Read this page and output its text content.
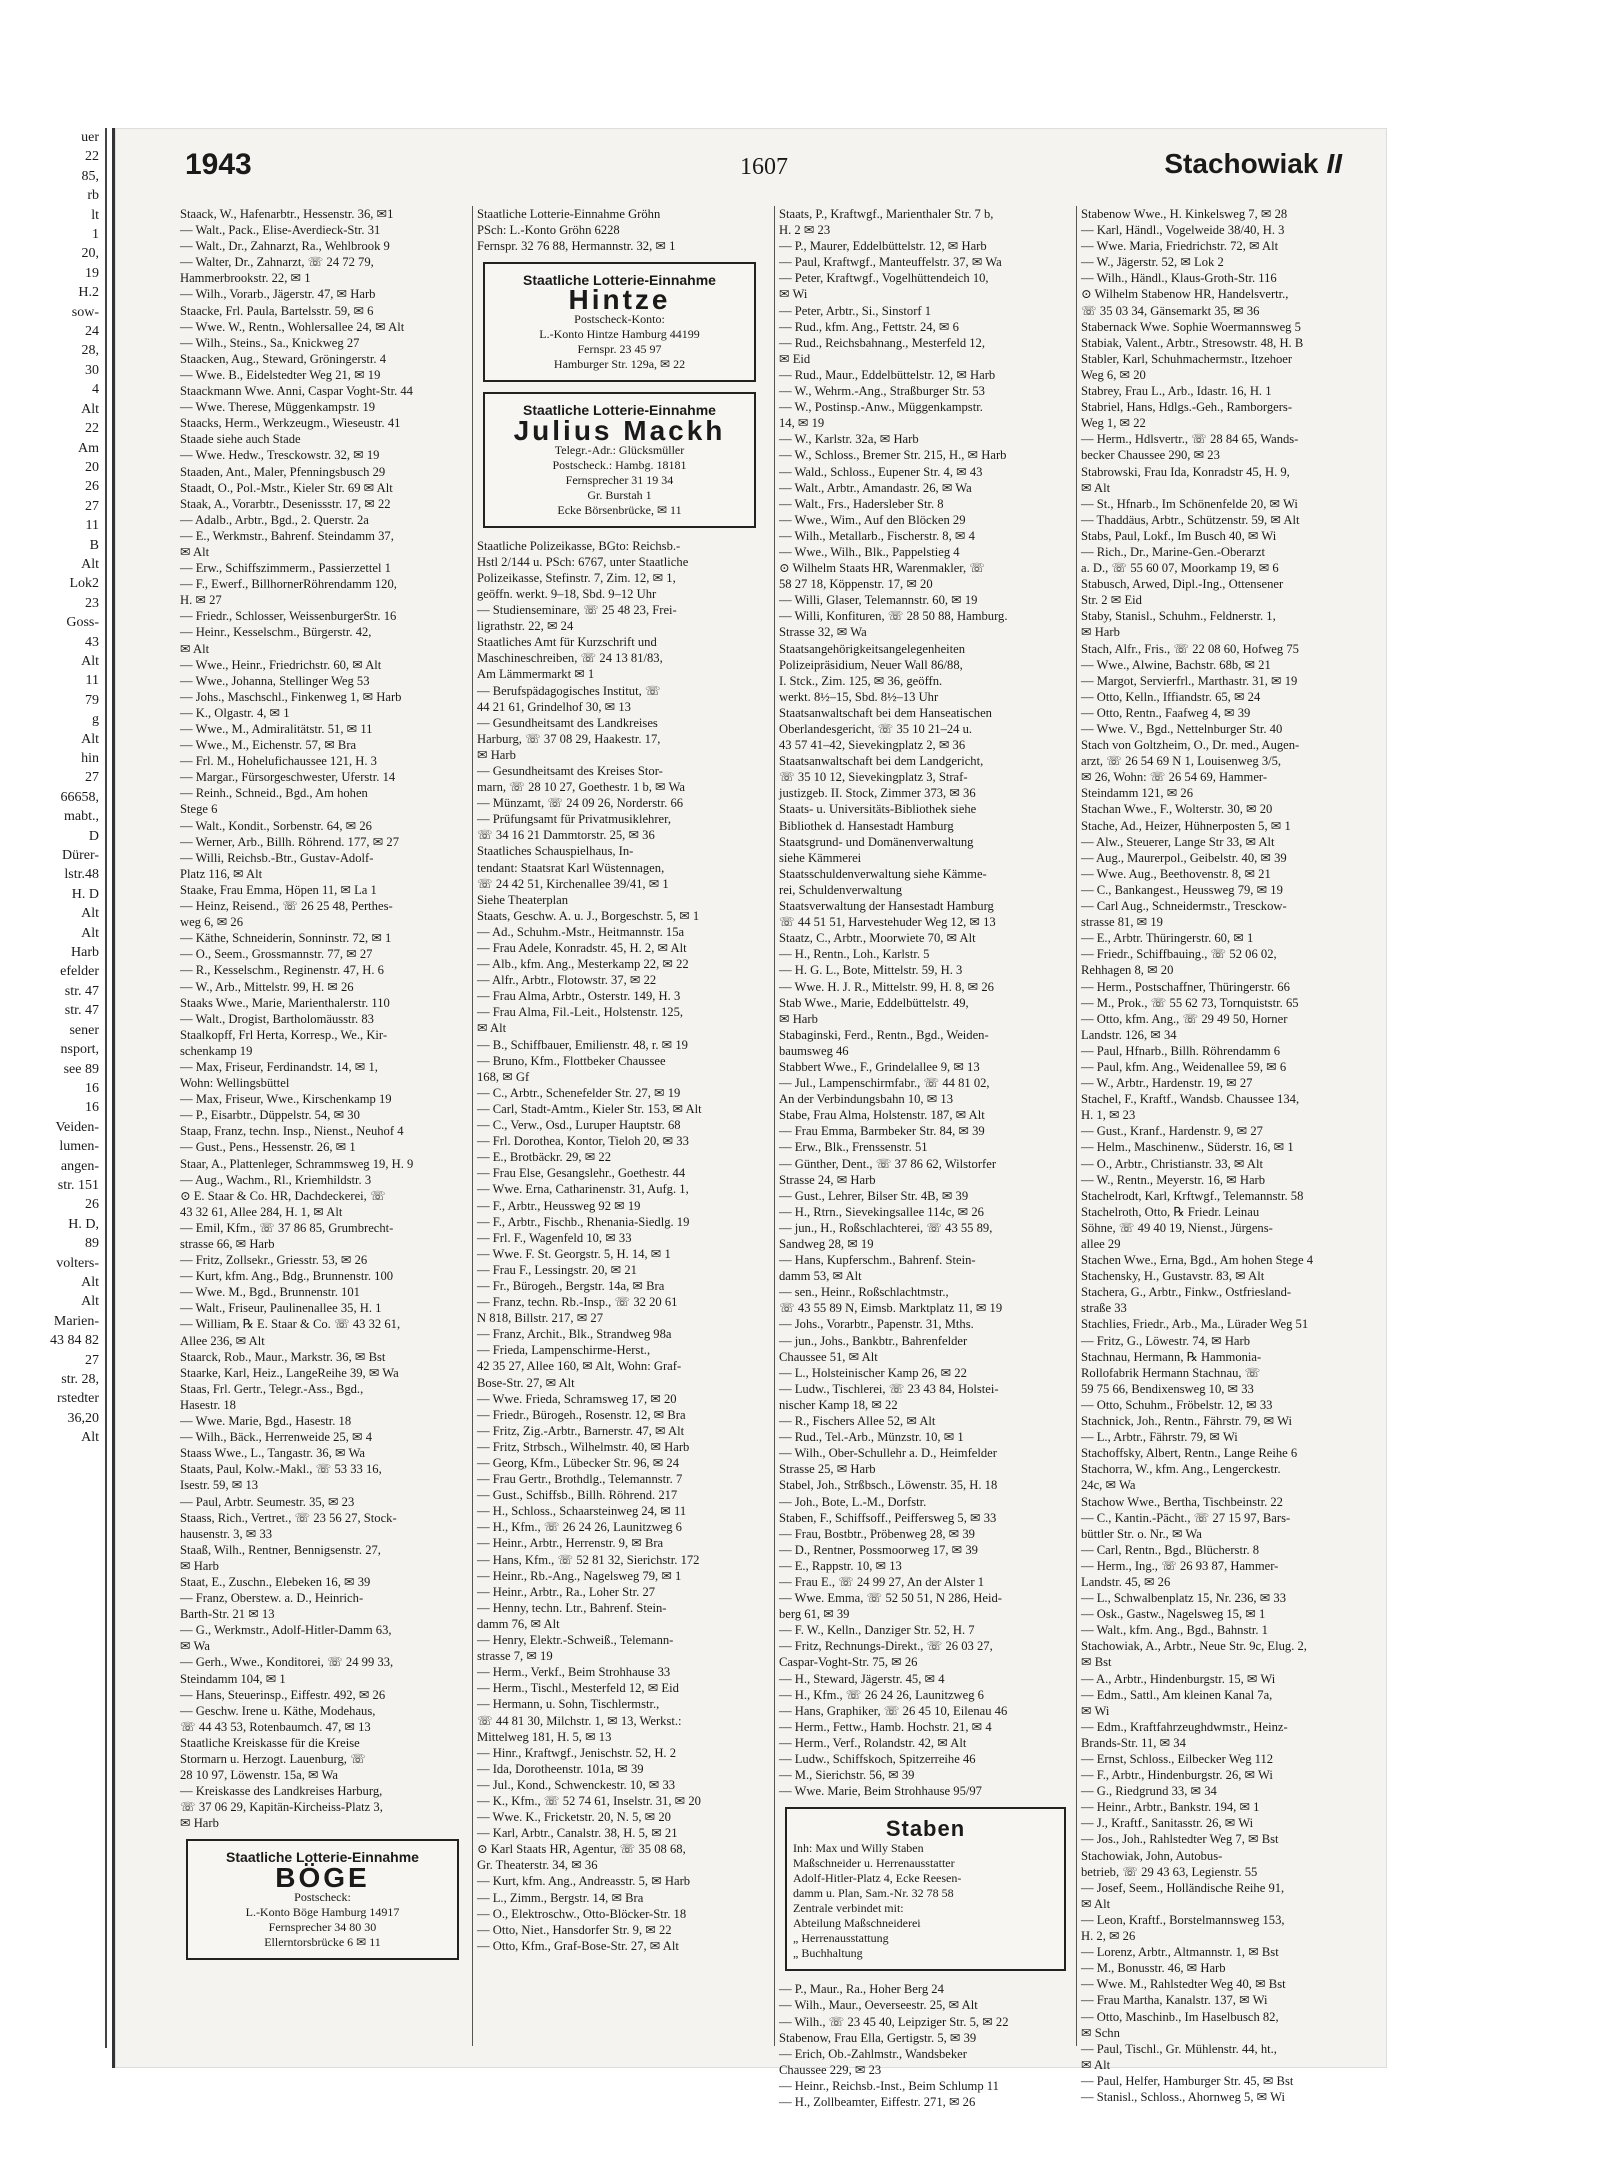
uer
22
85,
rb
lt
1
20,
19
H.2
sow-
24
28,
30
4
Alt
22
Am
20
26
27
11
B
Alt
Lok2
23
Goss-
43
Alt
11
79
g
Alt
hin
27
66658,
mabt.,
D
Dürer-
lstr.48
H. D
Alt
Alt
Harb
efelder
str. 47
str. 47
sener
nsport,
see 89
16
16
Veiden-
lumen-
angen-
str. 151
26
H. D,
89
volters-
Alt
Alt
Marien-
43 84 82
27
str. 28,
rstedter
36,20
Alt
1943	1607	Stachowiak II
Staack, W., Hafenarbtr., Hessenstr. 36, ✉1
— Walt., Pack., Elise-Averdieck-Str. 31
— Walt., Dr., Zahnarzt, Ra., Wehlbrook 9
— Walter, Dr., Zahnarzt, ☏ 24 72 79,
Hammerbrookstr. 22, ✉ 1
— Wilh., Vorarb., Jägerstr. 47, ✉ Harb
Staacke, Frl. Paula, Bartelsstr. 59, ✉ 6
— Wwe. W., Rentn., Wohlersallee 24, ✉ Alt
— Wilh., Steins., Sa., Knickweg 27
Staacken, Aug., Steward, Gröningerstr. 4
— Wwe. B., Eidelstedter Weg 21, ✉ 19
Staackmann Wwe. Anni, Caspar Voght-Str. 44
— Wwe. Therese, Müggenkampstr. 19
Staacks, Herm., Werkzeugm., Wieseustr. 41
Staade siehe auch Stade
— Wwe. Hedw., Tresckowstr. 32, ✉ 19
Staaden, Ant., Maler, Pfenningsbusch 29
Staadt, O., Pol.-Mstr., Kieler Str. 69 ✉ Alt
Staak, A., Vorarbtr., Desenissstr. 17, ✉ 22
— Adalb., Arbtr., Bgd., 2. Querstr. 2a
— E., Werkmstr., Bahrenf. Steindamm 37,
✉ Alt
— Erw., Schiffszimmerm., Passierzettel 1
— F., Ewerf., BillhornerRöhrendamm 120,
H. ✉ 27
— Friedr., Schlosser, WeissenburgerStr. 16
— Heinr., Kesselschm., Bürgerstr. 42,
✉ Alt
— Wwe., Heinr., Friedrichstr. 60, ✉ Alt
— Wwe., Johanna, Stellinger Weg 53
— Johs., Maschschl., Finkenweg 1, ✉ Harb
— K., Olgastr. 4, ✉ 1
— Wwe., M., Admiralitätstr. 51, ✉ 11
— Wwe., M., Eichenstr. 57, ✉ Bra
— Frl. M., Hohelufichaussee 121, H. 3
— Margar., Fürsorgeschwester, Uferstr. 14
— Reinh., Schneid., Bgd., Am hohen
Stege 6
— Walt., Kondit., Sorbenstr. 64, ✉ 26
— Werner, Arb., Billh. Röhrend. 177, ✉ 27
— Willi, Reichsb.-Btr., Gustav-Adolf-
Platz 116, ✉ Alt
Staake, Frau Emma, Höpen 11, ✉ La 1
— Heinz, Reisend., ☏ 26 25 48, Perthes-
weg 6, ✉ 26
— Käthe, Schneiderin, Sonninstr. 72, ✉ 1
— O., Seem., Grossmannstr. 77, ✉ 27
— R., Kesselschm., Reginenstr. 47, H. 6
— W., Arb., Mittelstr. 99, H. ✉ 26
Staaks Wwe., Marie, Marienthalerstr. 110
— Walt., Drogist, Bartholomäusstr. 83
Staalkopff, Frl Herta, Korresp., We., Kir-
schenkamp 19
— Max, Friseur, Ferdinandstr. 14, ✉ 1,
Wohn: Wellingsbüttel
— Max, Friseur, Wwe., Kirschenkamp 19
— P., Eisarbtr., Düppelstr. 54, ✉ 30
Staap, Franz, techn. Insp., Nienst., Neuhof 4
— Gust., Pens., Hessenstr. 26, ✉ 1
Staar, A., Plattenleger, Schrammsweg 19, H. 9
— Aug., Wachm., Rl., Kriemhildstr. 3
⊙ E. Staar & Co. HR, Dachdeckerei, ☏
43 32 61, Allee 284, H. 1, ✉ Alt
— Emil, Kfm., ☏ 37 86 85, Grumbrecht-
strasse 66, ✉ Harb
— Fritz, Zollsekr., Griesstr. 53, ✉ 26
— Kurt, kfm. Ang., Bdg., Brunnenstr. 100
— Wwe. M., Bgd., Brunnenstr. 101
— Walt., Friseur, Paulinenallee 35, H. 1
— William, ℞ E. Staar & Co. ☏ 43 32 61,
Allee 236, ✉ Alt
Staarck, Rob., Maur., Markstr. 36, ✉ Bst
Staarke, Karl, Heiz., LangeReihe 39, ✉ Wa
Staas, Frl. Gertr., Telegr.-Ass., Bgd.,
Hasestr. 18
— Wwe. Marie, Bgd., Hasestr. 18
— Wilh., Bäck., Herrenweide 25, ✉ 4
Staass Wwe., L., Tangastr. 36, ✉ Wa
Staats, Paul, Kolw.-Makl., ☏ 53 33 16,
Isestr. 59, ✉ 13
— Paul, Arbtr. Seumestr. 35, ✉ 23
Staass, Rich., Vertret., ☏ 23 56 27, Stock-
hausenstr. 3, ✉ 33
Staaß, Wilh., Rentner, Bennigsenstr. 27,
✉ Harb
Staat, E., Zuschn., Elebeken 16, ✉ 39
— Franz, Oberstew. a. D., Heinrich-
Barth-Str. 21 ✉ 13
— G., Werkmstr., Adolf-Hitler-Damm 63,
✉ Wa
— Gerh., Wwe., Konditorei, ☏ 24 99 33,
Steindamm 104, ✉ 1
— Hans, Steuerinsp., Eiffestr. 492, ✉ 26
— Geschw. Irene u. Käthe, Modehaus,
☏ 44 43 53, Rotenbaumch. 47, ✉ 13
Staatliche Kreiskasse für die Kreise
Stormarn u. Herzogt. Lauenburg, ☏
28 10 97, Löwenstr. 15a, ✉ Wa
— Kreiskasse des Landkreises Harburg,
☏ 37 06 29, Kapitän-Kircheiss-Platz 3,
✉ Harb
Staatliche Lotterie-Einnahme
BÖGE
Postscheck:
L.-Konto Böge Hamburg 14917
Fernsprecher 34 80 30
Ellerntorsbrücke 6 ✉ 11
Staatliche Lotterie-Einnahme Gröhn
PSch: L.-Konto Gröhn 6228
Fernspr. 32 76 88, Hermannstr. 32, ✉ 1
Staatliche Lotterie-Einnahme
Hintze
Postscheck-Konto:
L.-Konto Hintze Hamburg 44199
Fernspr. 23 45 97
Hamburger Str. 129a, ✉ 22
Staatliche Lotterie-Einnahme
Julius Mackh
Telegr.-Adr.: Glücksmüller
Postscheck.: Hambg. 18181
Fernsprecher 31 19 34
Gr. Burstah 1
Ecke Börsenbrücke, ✉ 11
Staatliche Polizeikasse, BGto: Reichsb.-
Hstl 2/144 u. PSch: 6767, unter Staatliche
Polizeikasse, Stefinstr. 7, Zim. 12, ✉ 1,
geöffn. werkt. 9–18, Sbd. 9–12 Uhr
— Studienseminare, ☏ 25 48 23, Frei-
ligrathstr. 22, ✉ 24
Staatliches Amt für Kurzschrift und
Maschineschreiben, ☏ 24 13 81/83,
Am Lämmermarkt ✉ 1
— Berufspädagogisches Institut, ☏
44 21 61, Grindelhof 30, ✉ 13
— Gesundheitsamt des Landkreises
Harburg, ☏ 37 08 29, Haakestr. 17,
✉ Harb
— Gesundheitsamt des Kreises Stor-
marn, ☏ 28 10 27, Goethestr. 1 b, ✉ Wa
— Münzamt, ☏ 24 09 26, Norderstr. 66
— Prüfungsamt für Privatmusiklehrer,
☏ 34 16 21 Dammtorstr. 25, ✉ 36
Staatliches Schauspielhaus, In-
tendant: Staatsrat Karl Wüstennagen,
☏ 24 42 51, Kirchenallee 39/41, ✉ 1
Siehe Theaterplan
Staats, Geschw. A. u. J., Borgeschstr. 5, ✉ 1
— Ad., Schuhm.-Mstr., Heitmannstr. 15a
— Frau Adele, Konradstr. 45, H. 2, ✉ Alt
— Alb., kfm. Ang., Mesterkamp 22, ✉ 22
— Alfr., Arbtr., Flotowstr. 37, ✉ 22
— Frau Alma, Arbtr., Osterstr. 149, H. 3
— Frau Alma, Fil.-Leit., Holstenstr. 125,
✉ Alt
— B., Schiffbauer, Emilienstr. 48, r. ✉ 19
— Bruno, Kfm., Flottbeker Chaussee
168, ✉ Gf
— C., Arbtr., Schenefelder Str. 27, ✉ 19
— Carl, Stadt-Amtm., Kieler Str. 153, ✉ Alt
— C., Verw., Osd., Luruper Hauptstr. 68
— Frl. Dorothea, Kontor, Tieloh 20, ✉ 33
— E., Brotbäckr. 29, ✉ 22
— Frau Else, Gesangslehr., Goethestr. 44
— Wwe. Erna, Catharinenstr. 31, Aufg. 1,
— F., Arbtr., Heussweg 92 ✉ 19
— F., Arbtr., Fischb., Rhenania-Siedlg. 19
— Frl. F., Wagenfeld 10, ✉ 33
— Wwe. F. St. Georgstr. 5, H. 14, ✉ 1
— Frau F., Lessingstr. 20, ✉ 21
— Fr., Bürogeh., Bergstr. 14a, ✉ Bra
— Franz, techn. Rb.-Insp., ☏ 32 20 61
N 818, Billstr. 217, ✉ 27
— Franz, Archit., Blk., Strandweg 98a
— Frieda, Lampenschirme-Herst.,
42 35 27, Allee 160, ✉ Alt, Wohn: Graf-
Bose-Str. 27, ✉ Alt
— Wwe. Frieda, Schramsweg 17, ✉ 20
— Friedr., Bürogeh., Rosenstr. 12, ✉ Bra
— Fritz, Zig.-Arbtr., Barnerstr. 47, ✉ Alt
— Fritz, Strbsch., Wilhelmstr. 40, ✉ Harb
— Georg, Kfm., Lübecker Str. 96, ✉ 24
— Frau Gertr., Brothdlg., Telemannstr. 7
— Gust., Schiffsb., Billh. Röhrend. 217
— H., Schloss., Schaarsteinweg 24, ✉ 11
— H., Kfm., ☏ 26 24 26, Launitzweg 6
— Heinr., Arbtr., Herrenstr. 9, ✉ Bra
— Hans, Kfm., ☏ 52 81 32, Sierichstr. 172
— Heinr., Rb.-Ang., Nagelsweg 79, ✉ 1
— Heinr., Arbtr., Ra., Loher Str. 27
— Henny, techn. Ltr., Bahrenf. Stein-
damm 76, ✉ Alt
— Henry, Elektr.-Schweiß., Telemann-
strasse 7, ✉ 19
— Herm., Verkf., Beim Strohhause 33
— Herm., Tischl., Mesterfeld 12, ✉ Eid
— Hermann, u. Sohn, Tischlermstr.,
☏ 44 81 30, Milchstr. 1, ✉ 13, Werkst.:
Mittelweg 181, H. 5, ✉ 13
— Hinr., Kraftwgf., Jenischstr. 52, H. 2
— Ida, Dorotheenstr. 101a, ✉ 39
— Jul., Kond., Schwenckestr. 10, ✉ 33
— K., Kfm., ☏ 52 74 61, Inselstr. 31, ✉ 20
— Wwe. K., Fricketstr. 20, N. 5, ✉ 20
— Karl, Arbtr., Canalstr. 38, H. 5, ✉ 21
⊙ Karl Staats HR, Agentur, ☏ 35 08 68,
Gr. Theaterstr. 34, ✉ 36
— Kurt, kfm. Ang., Andreasstr. 5, ✉ Harb
— L., Zimm., Bergstr. 14, ✉ Bra
— O., Elektroschw., Otto-Blöcker-Str. 18
— Otto, Niet., Hansdorfer Str. 9, ✉ 22
— Otto, Kfm., Graf-Bose-Str. 27, ✉ Alt
Staats, P., Kraftwgf., Marienthaler Str. 7 b,
H. 2 ✉ 23
— P., Maurer, Eddelbüttelstr. 12, ✉ Harb
— Paul, Kraftwgf., Manteuffelstr. 37, ✉ Wa
— Peter, Kraftwgf., Vogelhüttendeich 10,
✉ Wi
— Peter, Arbtr., Si., Sinstorf 1
— Rud., kfm. Ang., Fettstr. 24, ✉ 6
— Rud., Reichsbahnang., Mesterfeld 12,
✉ Eid
— Rud., Maur., Eddelbüttelstr. 12, ✉ Harb
— W., Wehrm.-Ang., Straßburger Str. 53
— W., Postinsp.-Anw., Müggenkampstr.
14, ✉ 19
— W., Karlstr. 32a, ✉ Harb
— W., Schloss., Bremer Str. 215, H., ✉ Harb
— Wald., Schloss., Eupener Str. 4, ✉ 43
— Walt., Arbtr., Amandastr. 26, ✉ Wa
— Walt., Frs., Hadersleber Str. 8
— Wwe., Wim., Auf den Blöcken 29
— Wilh., Metallarb., Fischerstr. 8, ✉ 4
— Wwe., Wilh., Blk., Pappelstieg 4
⊙ Wilhelm Staats HR, Warenmakler, ☏
58 27 18, Köppenstr. 17, ✉ 20
— Willi, Glaser, Telemannstr. 60, ✉ 19
— Willi, Konfituren, ☏ 28 50 88, Hamburg.
Strasse 32, ✉ Wa
Staatsangehörigkeitsangelegenheiten
Polizeipräsidium, Neuer Wall 86/88,
I. Stck., Zim. 125, ✉ 36, geöffn.
werkt. 8½–15, Sbd. 8½–13 Uhr
Staatsanwaltschaft bei dem Hanseatischen
Oberlandesgericht, ☏ 35 10 21–24 u.
43 57 41–42, Sievekingplatz 2, ✉ 36
Staatsanwaltschaft bei dem Landgericht,
☏ 35 10 12, Sievekingplatz 3, Straf-
justizgeb. II. Stock, Zimmer 373, ✉ 36
Staats- u. Universitäts-Bibliothek siehe
Bibliothek d. Hansestadt Hamburg
Staatsgrund- und Domänenverwaltung
siehe Kämmerei
Staatsschuldenverwaltung siehe Kämme-
rei, Schuldenverwaltung
Staatsverwaltung der Hansestadt Hamburg
☏ 44 51 51, Harvestehuder Weg 12, ✉ 13
Staatz, C., Arbtr., Moorwiete 70, ✉ Alt
— H., Rentn., Loh., Karlstr. 5
— H. G. L., Bote, Mittelstr. 59, H. 3
— Wwe. H. J. R., Mittelstr. 99, H. 8, ✉ 26
Stab Wwe., Marie, Eddelbüttelstr. 49,
✉ Harb
Stabaginski, Ferd., Rentn., Bgd., Weiden-
baumsweg 46
Stabbert Wwe., F., Grindelallee 9, ✉ 13
— Jul., Lampenschirmfabr., ☏ 44 81 02,
An der Verbindungsbahn 10, ✉ 13
Stabe, Frau Alma, Holstenstr. 187, ✉ Alt
— Frau Emma, Barmbeker Str. 84, ✉ 39
— Erw., Blk., Frenssenstr. 51
— Günther, Dent., ☏ 37 86 62, Wilstorfer
Strasse 24, ✉ Harb
— Gust., Lehrer, Bilser Str. 4B, ✉ 39
— H., Rtrn., Sievekingsallee 114c, ✉ 26
— jun., H., Roßschlachterei, ☏ 43 55 89,
Sandweg 28, ✉ 19
— Hans, Kupferschm., Bahrenf. Stein-
damm 53, ✉ Alt
— sen., Heinr., Roßschlachtmstr.,
☏ 43 55 89 N, Eimsb. Marktplatz 11, ✉ 19
— Johs., Vorarbtr., Papenstr. 31, Mths.
— jun., Johs., Bankbtr., Bahrenfelder
Chaussee 51, ✉ Alt
— L., Holsteinischer Kamp 26, ✉ 22
— Ludw., Tischlerei, ☏ 23 43 84, Holstei-
nischer Kamp 18, ✉ 22
— R., Fischers Allee 52, ✉ Alt
— Rud., Tel.-Arb., Münzstr. 10, ✉ 1
— Wilh., Ober-Schullehr a. D., Heimfelder
Strasse 25, ✉ Harb
Stabel, Joh., Strßbsch., Löwenstr. 35, H. 18
— Joh., Bote, L.-M., Dorfstr.
Staben, F., Schiffsoff., Peiffersweg 5, ✉ 33
— Frau, Bostbtr., Pröbenweg 28, ✉ 39
— D., Rentner, Possmoorweg 17, ✉ 39
— E., Rappstr. 10, ✉ 13
— Frau E., ☏ 24 99 27, An der Alster 1
— Wwe. Emma, ☏ 52 50 51, N 286, Heid-
berg 61, ✉ 39
— F. W., Kelln., Danziger Str. 52, H. 7
— Fritz, Rechnungs-Direkt., ☏ 26 03 27,
Caspar-Voght-Str. 75, ✉ 26
— H., Steward, Jägerstr. 45, ✉ 4
— H., Kfm., ☏ 26 24 26, Launitzweg 6
— Hans, Graphiker, ☏ 26 45 10, Eilenau 46
— Herm., Fettw., Hamb. Hochstr. 21, ✉ 4
— Herm., Verf., Rolandstr. 42, ✉ Alt
— Ludw., Schiffskoch, Spitzerreihe 46
— M., Sierichstr. 56, ✉ 39
— Wwe. Marie, Beim Strohhause 95/97
Staben
Inh: Max und Willy Staben
Maßschneider u. Herrenausstatter
Adolf-Hitler-Platz 4, Ecke Reesen-
damm u. Plan, Sam.-Nr. 32 78 58
Zentrale verbindet mit:
Abteilung Maßschneiderei
„ Herrenausstattung
„ Buchhaltung
— P., Maur., Ra., Hoher Berg 24
— Wilh., Maur., Oeverseestr. 25, ✉ Alt
— Wilh., ☏ 23 45 40, Leipziger Str. 5, ✉ 22
Stabenow, Frau Ella, Gertigstr. 5, ✉ 39
— Erich, Ob.-Zahlmstr., Wandsbeker
Chaussee 229, ✉ 23
— Heinr., Reichsb.-Inst., Beim Schlump 11
— H., Zollbeamter, Eiffestr. 271, ✉ 26
Stabenow Wwe., H. Kinkelsweg 7, ✉ 28
— Karl, Händl., Vogelweide 38/40, H. 3
— Wwe. Maria, Friedrichstr. 72, ✉ Alt
— W., Jägerstr. 52, ✉ Lok 2
— Wilh., Händl., Klaus-Groth-Str. 116
⊙ Wilhelm Stabenow HR, Handelsvertr.,
☏ 35 03 34, Gänsemarkt 35, ✉ 36
Stabernack Wwe. Sophie Woermannsweg 5
Stabiak, Valent., Arbtr., Stresowstr. 48, H. B
Stabler, Karl, Schuhmachermstr., Itzehoer
Weg 6, ✉ 20
Stabrey, Frau L., Arb., Idastr. 16, H. 1
Stabriel, Hans, Hdlgs.-Geh., Ramborgers-
Weg 1, ✉ 22
— Herm., Hdlsvertr., ☏ 28 84 65, Wands-
becker Chaussee 290, ✉ 23
Stabrowski, Frau Ida, Konradstr 45, H. 9,
✉ Alt
— St., Hfnarb., Im Schönenfelde 20, ✉ Wi
— Thaddäus, Arbtr., Schützenstr. 59, ✉ Alt
Stabs, Paul, Lokf., Im Busch 40, ✉ Wi
— Rich., Dr., Marine-Gen.-Oberarzt
a. D., ☏ 55 60 07, Moorkamp 19, ✉ 6
Stabusch, Arwed, Dipl.-Ing., Ottensener
Str. 2 ✉ Eid
Staby, Stanisl., Schuhm., Feldnerstr. 1,
✉ Harb
Stach, Alfr., Fris., ☏ 22 08 60, Hofweg 75
— Wwe., Alwine, Bachstr. 68b, ✉ 21
— Margot, Servierfrl., Marthastr. 31, ✉ 19
— Otto, Kelln., Iffiandstr. 65, ✉ 24
— Otto, Rentn., Faafweg 4, ✉ 39
— Wwe. V., Bgd., Nettelnburger Str. 40
Stach von Goltzheim, O., Dr. med., Augen-
arzt, ☏ 26 54 69 N 1, Louisenweg 3/5,
✉ 26, Wohn: ☏ 26 54 69, Hammer-
Steindamm 121, ✉ 26
Stachan Wwe., F., Wolterstr. 30, ✉ 20
Stache, Ad., Heizer, Hühnerposten 5, ✉ 1
— Alw., Steuerer, Lange Str 33, ✉ Alt
— Aug., Maurerpol., Geibelstr. 40, ✉ 39
— Wwe. Aug., Beethovenstr. 8, ✉ 21
— C., Bankangest., Heussweg 79, ✉ 19
— Carl Aug., Schneidermstr., Tresckow-
strasse 81, ✉ 19
— E., Arbtr. Thüringerstr. 60, ✉ 1
— Friedr., Schiffbauing., ☏ 52 06 02,
Rehhagen 8, ✉ 20
— Herm., Postschaffner, Thüringerstr. 66
— M., Prok., ☏ 55 62 73, Tornquiststr. 65
— Otto, kfm. Ang., ☏ 29 49 50, Horner
Landstr. 126, ✉ 34
— Paul, Hfnarb., Billh. Röhrendamm 6
— Paul, kfm. Ang., Weidenallee 59, ✉ 6
— W., Arbtr., Hardenstr. 19, ✉ 27
Stachel, F., Kraftf., Wandsb. Chaussee 134,
H. 1, ✉ 23
— Gust., Kranf., Hardenstr. 9, ✉ 27
— Helm., Maschinenw., Süderstr. 16, ✉ 1
— O., Arbtr., Christianstr. 33, ✉ Alt
— W., Rentn., Meyerstr. 16, ✉ Harb
Stachelrodt, Karl, Krftwgf., Telemannstr. 58
Stachelroth, Otto, ℞ Friedr. Leinau
Söhne, ☏ 49 40 19, Nienst., Jürgens-
allee 29
Stachen Wwe., Erna, Bgd., Am hohen Stege 4
Stachensky, H., Gustavstr. 83, ✉ Alt
Stachera, G., Arbtr., Finkw., Ostfriesland-
straße 33
Stachlies, Friedr., Arb., Ma., Lürader Weg 51
— Fritz, G., Löwestr. 74, ✉ Harb
Stachnau, Hermann, ℞ Hammonia-
Rollofabrik Hermann Stachnau, ☏
59 75 66, Bendixensweg 10, ✉ 33
— Otto, Schuhm., Fröbelstr. 12, ✉ 33
Stachnick, Joh., Rentn., Fährstr. 79, ✉ Wi
— L., Arbtr., Fährstr. 79, ✉ Wi
Stachoffsky, Albert, Rentn., Lange Reihe 6
Stachorra, W., kfm. Ang., Lengerckestr.
24c, ✉ Wa
Stachow Wwe., Bertha, Tischbeinstr. 22
— C., Kantin.-Pächt., ☏ 27 15 97, Bars-
büttler Str. o. Nr., ✉ Wa
— Carl, Rentn., Bgd., Blücherstr. 8
— Herm., Ing., ☏ 26 93 87, Hammer-
Landstr. 45, ✉ 26
— L., Schwalbenplatz 15, Nr. 236, ✉ 33
— Osk., Gastw., Nagelsweg 15, ✉ 1
— Walt., kfm. Ang., Bgd., Bahnstr. 1
Stachowiak, A., Arbtr., Neue Str. 9c, Elug. 2,
✉ Bst
— A., Arbtr., Hindenburgstr. 15, ✉ Wi
— Edm., Sattl., Am kleinen Kanal 7a,
✉ Wi
— Edm., Kraftfahrzeughdwmstr., Heinz-
Brands-Str. 11, ✉ 34
— Ernst, Schloss., Eilbecker Weg 112
— F., Arbtr., Hindenburgstr. 26, ✉ Wi
— G., Riedgrund 33, ✉ 34
— Heinr., Arbtr., Bankstr. 194, ✉ 1
— J., Kraftf., Sanitasstr. 26, ✉ Wi
— Jos., Joh., Rahlstedter Weg 7, ✉ Bst
Stachowiak, John, Autobus-
betrieb, ☏ 29 43 63, Legienstr. 55
— Josef, Seem., Holländische Reihe 91,
✉ Alt
— Leon, Kraftf., Borstelmannsweg 153,
H. 2, ✉ 26
— Lorenz, Arbtr., Altmannstr. 1, ✉ Bst
— M., Bonusstr. 46, ✉ Harb
— Wwe. M., Rahlstedter Weg 40, ✉ Bst
— Frau Martha, Kanalstr. 137, ✉ Wi
— Otto, Maschinb., Im Haselbusch 82,
✉ Schn
— Paul, Tischl., Gr. Mühlenstr. 44, ht.,
✉ Alt
— Paul, Helfer, Hamburger Str. 45, ✉ Bst
— Stanisl., Schloss., Ahornweg 5, ✉ Wi
